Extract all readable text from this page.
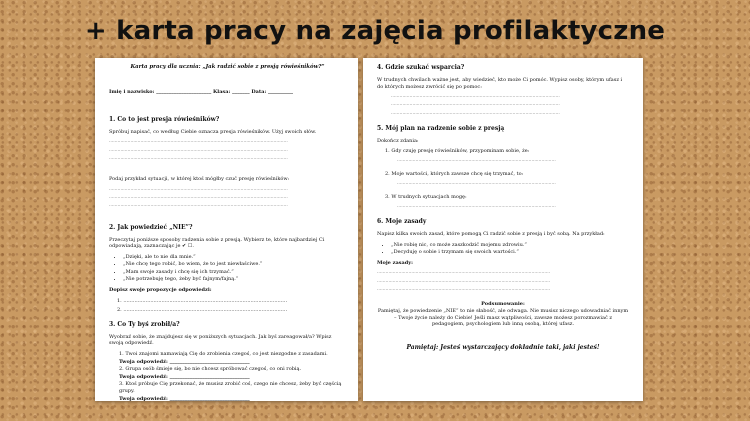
+ karta pracy na zajęcia profilaktyczne
Karta pracy dla ucznia: „Jak radzić sobie z presją rówieśników?”
Imię i nazwisko: ______________________ Klasa: _______ Data: __________
1. Co to jest presja rówieśników?
Spróbuj napisać, co według Ciebie oznacza presja rówieśników. Użyj swoich słów.
.............................................................................................................................
.............................................................................................................................
.............................................................................................................................
Podaj przykład sytuacji, w której ktoś mógłby czuć presję rówieśników:
.............................................................................................................................
.............................................................................................................................
.............................................................................................................................
2. Jak powiedzieć „NIE”?
Przeczytaj poniższe sposoby radzenia sobie z presją. Wybierz te, które najbardziej Ci odpowiadają, zaznaczając je ✔ ☐.
• „Dzięki, ale to nie dla mnie.”
• „Nie chcę tego robić, bo wiem, że to jest niewłaściwe.”
• „Mam swoje zasady i chcę się ich trzymać.”
• „Nie potrzebuję tego, żeby być fajnym/fajną.”
Dopisz swoje propozycje odpowiedzi:
1. .......................................................................................................
2. .......................................................................................................
3. Co Ty byś zrobił/a?
Wyobraź sobie, że znajdujesz się w poniższych sytuacjach. Jak byś zareagował/a? Wpisz swoją odpowiedź.
1. Twoi znajomi namawiają Cię do zrobienia czegoś, co jest niezgodne z zasadami.
Twoja odpowiedź: ________________________________
2. Grupa osób śmieje się, bo nie chcesz spróbować czegoś, co oni robią.
Twoja odpowiedź: ________________________________
3. Ktoś próbuje Cię przekonać, że musisz zrobić coś, czego nie chcesz, żeby być częścią grupy.
Twoja odpowiedź: ________________________________
4. Gdzie szukać wsparcia?
W trudnych chwilach ważne jest, aby wiedzieć, kto może Ci pomóc. Wypisz osoby, którym ufasz i do których możesz zwrócić się po pomoc:
• ......................................................................................................................
• ......................................................................................................................
• ......................................................................................................................
5. Mój plan na radzenie sobie z presją
Dokończ zdania:
1. Gdy czuję presję rówieśników, przypominam sobie, że:
...............................................................................................................
2. Moje wartości, których zawsze chcę się trzymać, to:
...............................................................................................................
3. W trudnych sytuacjach mogę:
...............................................................................................................
6. Moje zasady
Napisz kilka swoich zasad, które pomogą Ci radzić sobie z presją i być sobą. Na przykład:
• „Nie robię nic, co może zaszkodzić mojemu zdrowiu.”
• „Decyduję o sobie i trzymam się swoich wartości.”
Moje zasady:
.........................................................................................................................
.........................................................................................................................
.........................................................................................................................
Podsumowanie:
Pamiętaj, że powiedzenie „NIE” to nie słabość, ale odwaga. Nie musisz niczego udowadniać innym – Twoje życie należy do Ciebie! Jeśli masz wątpliwości, zawsze możesz porozmawiać z pedagogiem, psychologiem lub inną osobą, której ufasz.
Pamiętaj: Jesteś wystarczający dokładnie taki, jaki jesteś!
